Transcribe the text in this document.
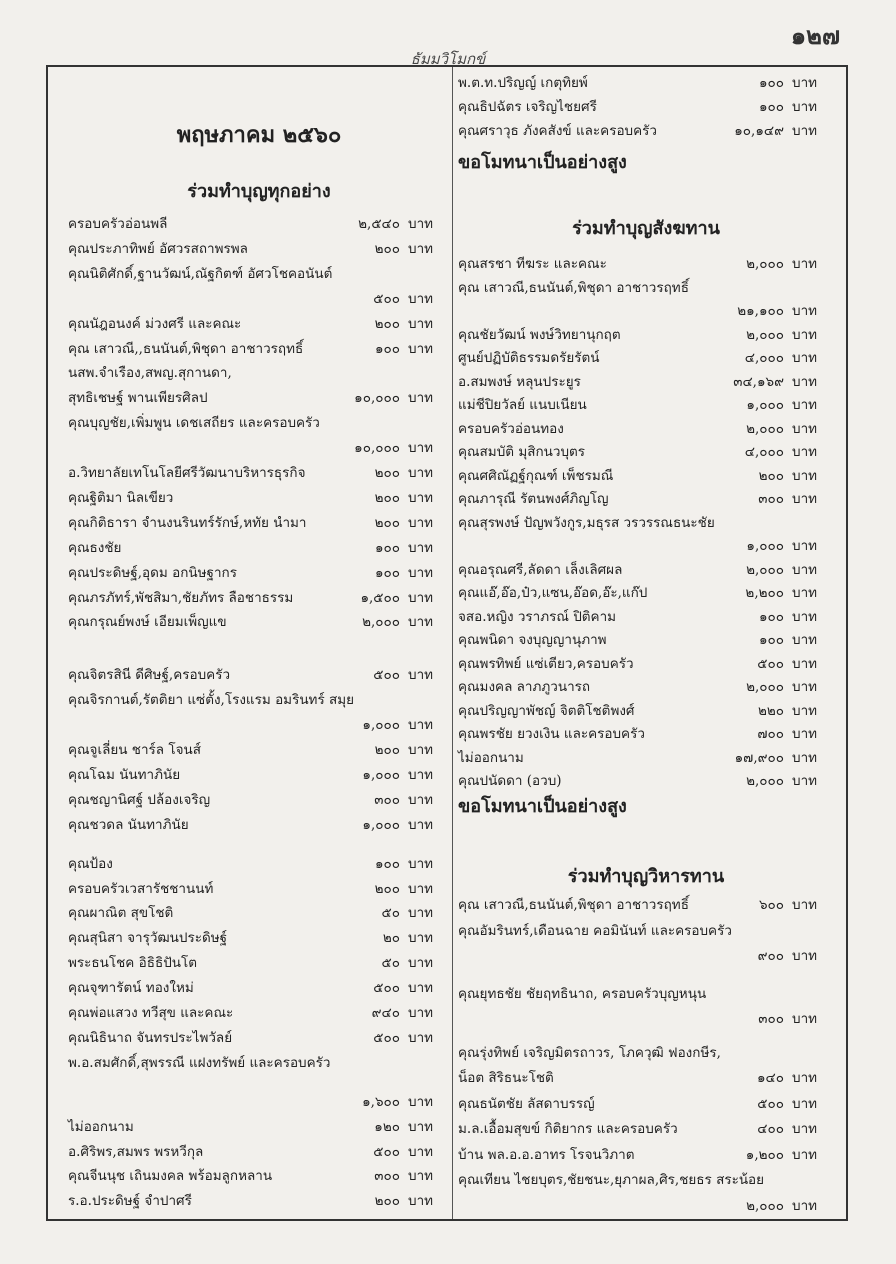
๑๒๗
ธัมมวิโมกข์
พฤษภาคม ๒๕๖๐
ร่วมทำบุญทุกอย่าง
ครอบครัวอ่อนพลี	๒,๕๔๐ บาท
คุณประภาทิพย์ อัศวรสถาพรพล	๒๐๐ บาท
คุณนิติศักดิ์,ฐานวัฒน์,ณัฐกิตฑ์ อัศวโชคอนันต์
๕๐๐ บาท
คุณนัฎอนงค์ ม่วงศรี และคณะ	๒๐๐ บาท
คุณ เสาวณี,,ธนนันต์,พิชุดา อาชาวรฤทธิ์	๑๐๐ บาท
นสพ.จำเรือง,สพญ.สุกานดา,
สุทธิเชษฐ์ พานเพียรศิลป	๑๐,๐๐๐ บาท
คุณบุญชัย,เพิ่มพูน เดชเสถียร และครอบครัว
๑๐,๐๐๐ บาท
อ.วิทยาลัยเทโนโลยีศรีวัฒนาบริหารธุรกิจ	๒๐๐ บาท
คุณฐิติมา นิลเขียว	๒๐๐ บาท
คุณกิติธารา จำนงนรินทร์รักษ์,หทัย นำมา	๒๐๐ บาท
คุณธงชัย	๑๐๐ บาท
คุณประดิษฐ์,อุดม อกนิษฐากร	๑๐๐ บาท
คุณภรภัทร์,พัชสิมา,ชัยภัทร ลือชาธรรม	๑,๕๐๐ บาท
คุณกรุณย์พงษ์ เอียมเพ็ญแข	๒,๐๐๐ บาท
คุณจิตรสินี ดีศิษฐ์,ครอบครัว	๕๐๐ บาท
คุณจิรกานต์,รัตติยา แซ่ตั้ง,โรงแรม อมรินทร์ สมุย
๑,๐๐๐ บาท
คุณจูเลี่ยน ชาร์ล โจนส์	๒๐๐ บาท
คุณโฉม นันทาภินัย	๑,๐๐๐ บาท
คุณชญานิศฐ์ ปล้องเจริญ	๓๐๐ บาท
คุณชวดล นันทาภินัย	๑,๐๐๐ บาท
คุณป้อง	๑๐๐ บาท
ครอบครัวเวสารัชชานนท์	๒๐๐ บาท
คุณผาณิต สุขโชติ	๕๐ บาท
คุณสุนิสา จารุวัฒนประดิษฐ์	๒๐ บาท
พระธนโชค อิธิธิปันโต	๕๐ บาท
คุณจุฑารัตน์ ทองใหม่	๕๐๐ บาท
คุณพ่อแสวง ทวีสุข และคณะ	๙๔๐ บาท
คุณนิธินาถ จันทรประไพวัลย์	๕๐๐ บาท
พ.อ.สมศักดิ์,สุพรรณี แฝงทรัพย์ และครอบครัว
๑,๖๐๐ บาท
ไม่ออกนาม	๑๒๐ บาท
อ.ศิริพร,สมพร พรหวีกุล	๕๐๐ บาท
คุณจีนนุช เถินมงคล พร้อมลูกหลาน	๓๐๐ บาท
ร.อ.ประดิษฐ์ จำปาศรี	๒๐๐ บาท
ขอโมทนาเป็นอย่างสูง
ร่วมทำบุญสังฆทาน
ขอโมทนาเป็นอย่างสูง
ร่วมทำบุญวิหารทาน
พ.ต.ท.ปริญญ์ เกตุทิยพ์	๑๐๐ บาท
คุณธิปฉัตร เจริญไชยศรี	๑๐๐ บาท
คุณศราวุธ ภังคสังข์ และครอบครัว	๑๐,๑๔๙ บาท
คุณสรชา ทีฆระ และคณะ	๒,๐๐๐ บาท
คุณ เสาวณี,ธนนันต์,พิชุดา อาชาวรฤทธิ์
๒๑,๑๐๐ บาท
คุณชัยวัฒน์ พงษ์วิทยานุกฤต	๒,๐๐๐ บาท
ศูนย์ปฏิบัติธรรมดรัยรัตน์	๔,๐๐๐ บาท
อ.สมพงษ์ หลุนประยูร	๓๔,๑๖๙ บาท
แม่ชีปิยวัลย์ แนบเนียน	๑,๐๐๐ บาท
ครอบครัวอ่อนทอง	๒,๐๐๐ บาท
คุณสมบัติ มุสิกนวบุตร	๔,๐๐๐ บาท
คุณศศิณัฏฐ์กุณฑ์ เพ็ชรมณี	๒๐๐ บาท
คุณภารุณี รัตนพงศ์ภิญโญ	๓๐๐ บาท
คุณสุรพงษ์ ปัญพวังกูร,มธุรส วรวรรณธนะชัย
๑,๐๐๐ บาท
คุณอรุณศรี,ลัดดา เล็งเลิศผล	๒,๐๐๐ บาท
คุณแอ๊,อ๊อ,ป๋ว,แซน,อ๊อด,อ๊ะ,แก๊ป	๒,๒๐๐ บาท
จสอ.หญิง วราภรณ์ ปิติคาม	๑๐๐ บาท
คุณพนิดา จงบุญญานุภาพ	๑๐๐ บาท
คุณพรทิพย์ แซ่เตียว,ครอบครัว	๕๐๐ บาท
คุณมงคล ลาภภูวนารถ	๒,๐๐๐ บาท
คุณปริญญาพัชญ์ จิตติโชติพงศ์	๒๒๐ บาท
คุณพรชัย ยวงเงิน และครอบครัว	๗๐๐ บาท
ไม่ออกนาม	๑๗,๙๐๐ บาท
คุณปนัดดา (อวบ)	๒,๐๐๐ บาท
คุณ เสาวณี,ธนนันต์,พิชุดา อาชาวรฤทธิ์	๖๐๐ บาท
คุณอัมรินทร์,เดือนฉาย คอมินันท์ และครอบครัว
๙๐๐ บาท
คุณยุทธชัย ชัยฤทธินาถ, ครอบครัวบุญหนุน
๓๐๐ บาท
คุณรุ่งทิพย์ เจริญมิตรถาวร, โภควุฒิ ฟองกษีร,
น็อต สิริธนะโชติ	๑๔๐ บาท
คุณธนัตชัย ลัสดาบรรญ์	๕๐๐ บาท
ม.ล.เอื้อมสุขข์ กิติยากร และครอบครัว	๔๐๐ บาท
บ้าน พล.อ.อ.อาทร โรจนวิภาต	๑,๒๐๐ บาท
คุณเทียน ไชยบุตร,ชัยชนะ,ยุภาผล,ศิร,ชยธร สระน้อย
๒,๐๐๐ บาท
